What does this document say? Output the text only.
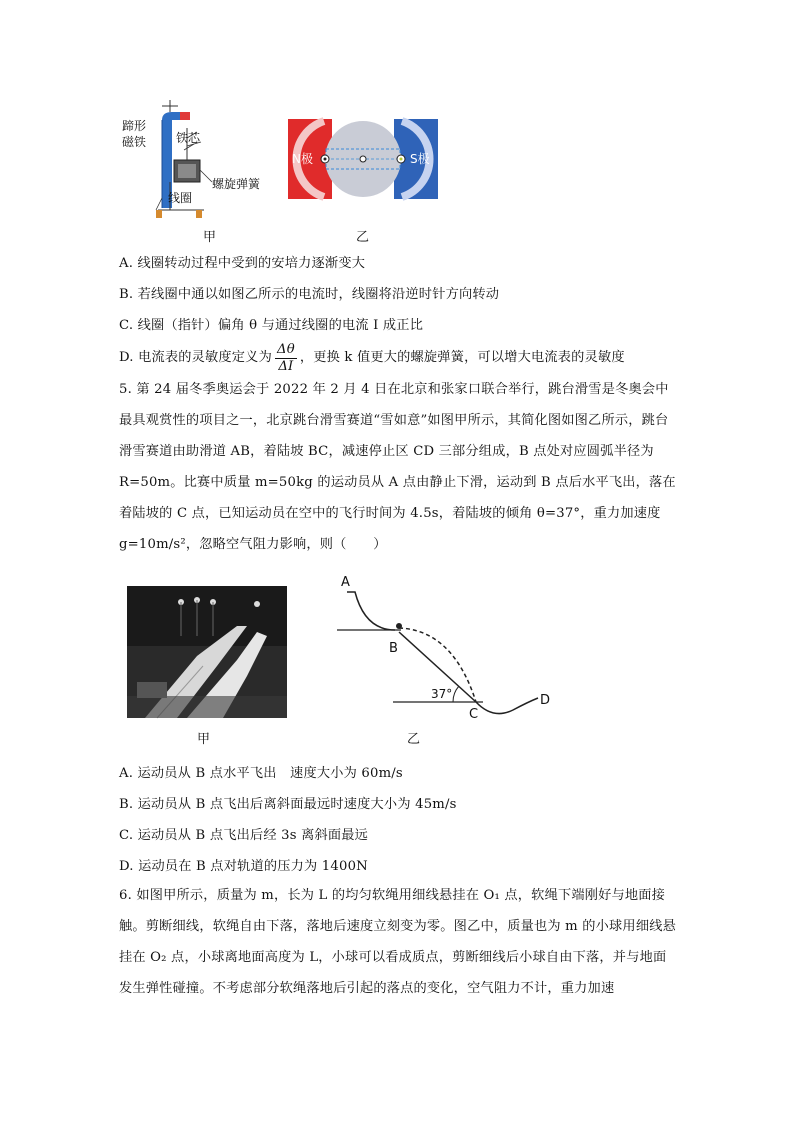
蹄形
磁铁 铁芯
螺旋弹簧
线圈
甲
N极	S极
乙
A. 线圈转动过程中受到的安培力逐渐变大
B. 若线圈中通以如图乙所示的电流时，线圈将沿逆时针方向转动
C. 线圈（指针）偏角 θ 与通过线圈的电流 I 成正比
D. 电流表的灵敏度定义为 $\frac{\Delta\theta}{\Delta I}$ ，更换 k 值更大的螺旋弹簧，可以增大电流表的灵敏度
5. 第 24 届冬季奥运会于 2022 年 2 月 4 日在北京和张家口联合举行，跳台滑雪是冬奥会中最具观赏性的项目之一，北京跳台滑雪赛道“雪如意”如图甲所示，其简化图如图乙所示，跳台滑雪赛道由助滑道 AB，着陆坡 BC，减速停止区 CD 三部分组成，B 点处对应圆弧半径为 R=50m。比赛中质量 m=50kg 的运动员从 A 点由静止下滑，运动到 B 点后水平飞出，落在着陆坡的 C 点，已知运动员在空中的飞行时间为 4.5s，着陆坡的倾角 θ=37°，重力加速度 g=10m/s²，忽略空气阻力影响，则（　　）
甲
A
B
C
D
37°
乙
A. 运动员从 B 点水平飞出　速度大小为 60m/s
B. 运动员从 B 点飞出后离斜面最远时速度大小为 45m/s
C. 运动员从 B 点飞出后经 3s 离斜面最远
D. 运动员在 B 点对轨道的压力为 1400N
6. 如图甲所示，质量为 m，长为 L 的均匀软绳用细线悬挂在 O₁ 点，软绳下端刚好与地面接触。剪断细线，软绳自由下落，落地后速度立刻变为零。图乙中，质量也为 m 的小球用细线悬挂在 O₂ 点，小球离地面高度为 L，小球可以看成质点，剪断细线后小球自由下落，并与地面发生弹性碰撞。不考虑部分软绳落地后引起的落点的变化，空气阻力不计，重力加速
